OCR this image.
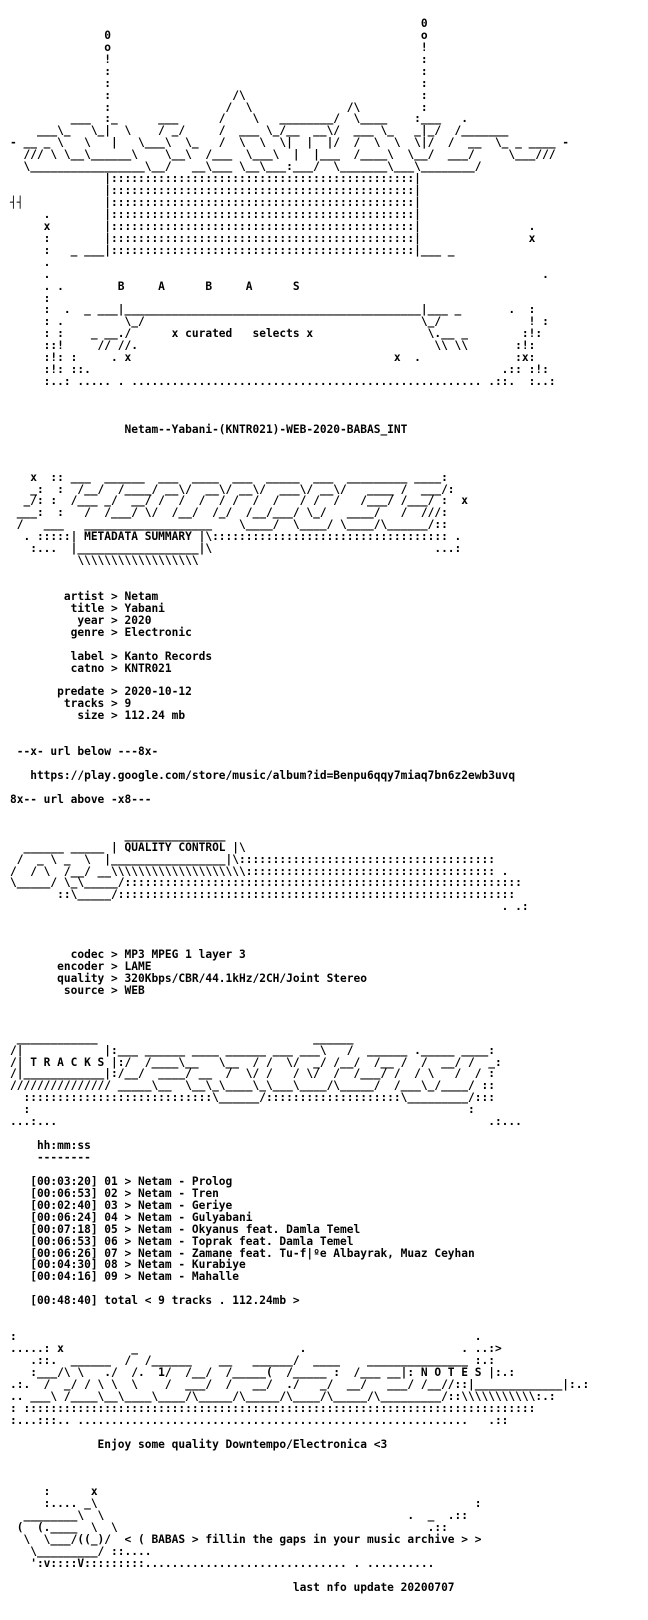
0
0                                              o
o                                              !
!                                              :
:                                              :
:                                              :
:                  /\                          :
:                 /  \              /\         :
___  :_      ___      /    \   ________/  \____    :___   .
___\_   \_|  \    / _/     /  ___ \_/__  __\/  ___ \_   _|_/  /_______
- __ _ \   \   |   \___\  \_   /  \  \  \|  |  |/  /  \  \  \|/  /  __  \_ _ ____ -
/// \ \__\______\    \__\  /___  \___\  |  |___  /____\  \__/  ___/     \___///
\_________________\__/   __\___ \__\___:___/  \_______\___\________/
|:::::::::::::::::::::::::::::::::::::::::::::|
|:::::::::::::::::::::::::::::::::::::::::::::|
┤┤            |:::::::::::::::::::::::::::::::::::::::::::::|
.        |:::::::::::::::::::::::::::::::::::::::::::::|
x        |:::::::::::::::::::::::::::::::::::::::::::::|                .
:        |:::::::::::::::::::::::::::::::::::::::::::::|                x
:   _ ___|:::::::::::::::::::::::::::::::::::::::::::::|___ _
.
.                                                                         .
. .        B     A      B     A      S
:
:  .  _ ___|____________________________________________|___ _       .  :
: .         \_/                                         \_/             ! :
: :    _ __./      x curated   selects x                 \.__ _        :!:
::!     // //.                                            \\ \\       :!:
:!: :     . x                                       x  .              :x:
:!: ::.                                                             .:: :!:
:..: ..... . .................................................... .::.  :..:
Netam--Yabani-(KNTR021)-WEB-2020-BABAS_INT
x  :: ___  ______  ___  ____  ___  _____  ___  _________ ____:
_:  :  /__/  /____/ __\/  __\/ __\/  ___\/ __\/   ____ /  ___/:
_/: :  /___ _/  __/ /  /  /  / /  /  /   / /  /   /___/ /___/ :  x
___:  :   /  /___/ \/  /__/  /_/  /__/___/ \_/   ____/   /  ///:
/   ___   ___________________    \____/  \____/ \____/\______/::
. :::::| METADATA SUMMARY |\::::::::::::::::::::::::::::::::::: .
:...  |__________________|\                                 ...:
\\\\\\\\\\\\\\\\\\
artist > Netam
title > Yabani
year > 2020
genre > Electronic
label > Kanto Records
catno > KNTR021
predate > 2020-10-12
tracks > 9
size > 112.24 mb
--x- url below ---8x-
https://play.google.com/store/music/album?id=Benpu6qqy7miaq7bn6z2ewb3uvq
8x-- url above -x8---
_______________
______ _____ | QUALITY CONTROL |\
/  _ \ _  \  |_________________|\::::::::::::::::::::::::::::::::::::::
/  / \  /__/ __\\\\\\\\\\\\\\\\\\\\::::::::::::::::::::::::::::::::::::: .
\_____/ \_\_____/:::::::::::::::::::::::::::::::::::::::::::::::::::::::::::
::\_____/:::::::::::::::::::::::::::::::::::::::::::::::::::::::::::
. .:
codec > MP3 MPEG 1 layer 3
encoder > LAME
quality > 320Kbps/CBR/44.1kHz/2CH/Joint Stereo
source > WEB
____________                                ______
/|            |:___ ______ ____ ______ ___ ___\   /  ______ ._____ ____:
/| T R A C K S |:/  /____\__   \__  / /  \/  _/ /__/  /__ /  /  __/ /  _:
/|____________|:/__/  ____/ __  /  \/ /   / \/  /  /___/ /  / \   /  / :
/////////////// _____\__  \__\_\____\_\___\____/\_____/  /___\_/____/ ::
::::::::::::::::::::::::::::\______/::::::::::::::::::::\_________/:::
:                                                                 :
...:...                                                                .:...
hh:mm:ss
--------
[00:03:20] 01 > Netam - Prolog
[00:06:53] 02 > Netam - Tren
[00:02:40] 03 > Netam - Geriye
[00:06:24] 04 > Netam - Gulyabani
[00:07:18] 05 > Netam - Okyanus feat. Damla Temel
[00:06:53] 06 > Netam - Toprak feat. Damla Temel
[00:06:26] 07 > Netam - Zamane feat. Tu-f|ºe Albayrak, Muaz Ceyhan
[00:04:30] 08 > Netam - Kurabiye
[00:04:16] 09 > Netam - Mahalle
[00:48:40] total < 9 tracks . 112.24mb >
:                                                                    .
.....: x          _                        .                       . ..:>
.::.  ______  /  /______    __   ______/  ____    _______________ :.:
:___/\ \   ./  /.  1/  /__/  /_____(  /_____ :  /___ __|: N O T E S |:.:
.:.  /  _/ / \ \  \    /  ___/  /   __/  ./   _/  __/   ___/ /__//::|_____________|:.:
.. ___\ /____\__\____\____/\_____/\_____/\____/\_____/\_________/::\\\\\\\\\\\:.:
: ::::::::::::::::::::::::::::::::::::::::::::::::::::::::::::::::::::::::::::
:...:::.. ..........................................................   .::
Enjoy some quality Downtempo/Electronica <3
:      x
:.... _\                                                        :
________\  \                                             .  _  .::
(  (.____  \  \                                              .::
\  \___/((_)/  < ( BABAS > fillin the gaps in your music archive > >
\_________/ ::....
':v::::V:::::::::.............................. . ..........
last nfo update 20200707
